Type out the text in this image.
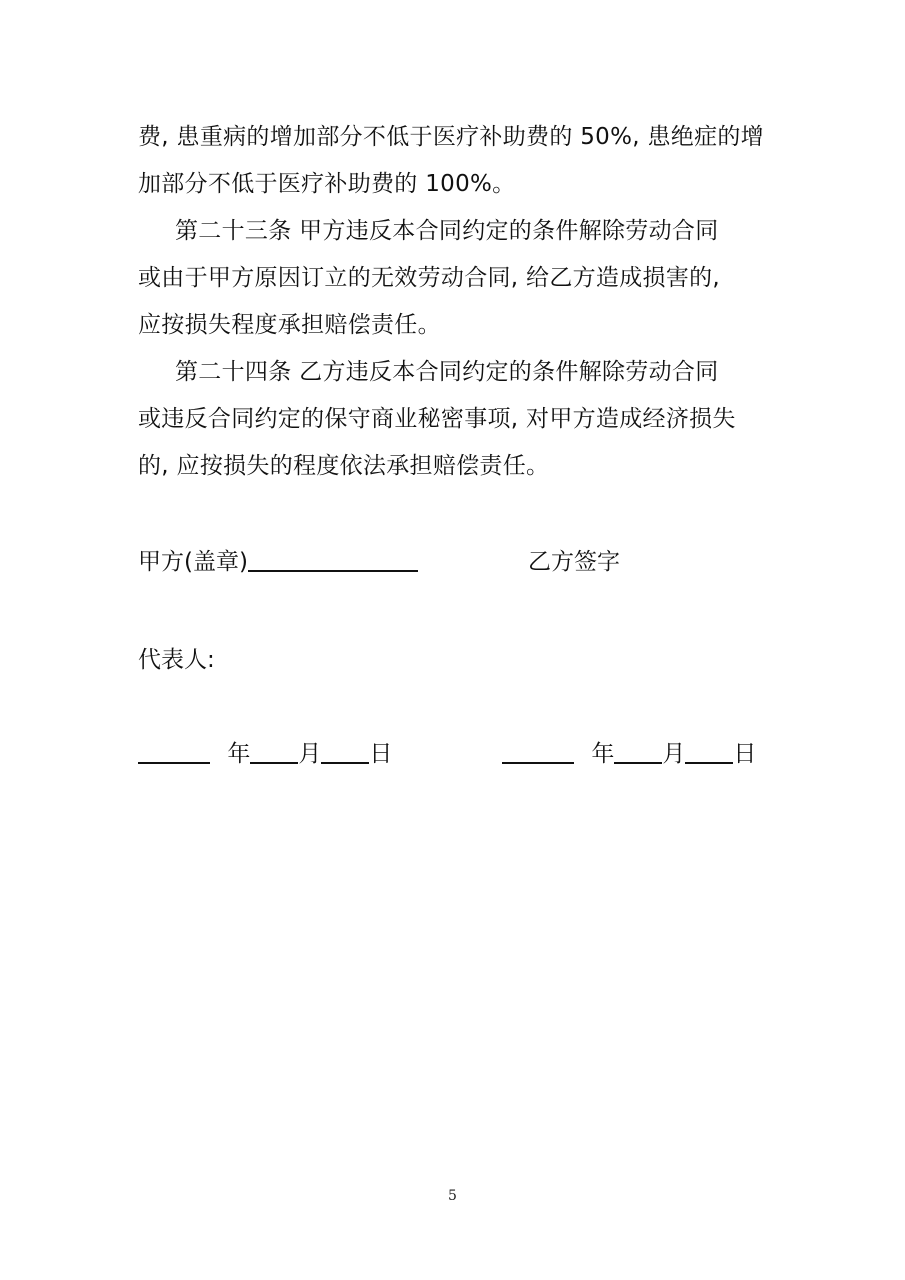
费, 患重病的增加部分不低于医疗补助费的 50%, 患绝症的增
加部分不低于医疗补助费的 100%。
第二十三条 甲方违反本合同约定的条件解除劳动合同
或由于甲方原因订立的无效劳动合同, 给乙方造成损害的,
应按损失程度承担赔偿责任。
第二十四条 乙方违反本合同约定的条件解除劳动合同
或违反合同约定的保守商业秘密事项, 对甲方造成经济损失
的, 应按损失的程度依法承担赔偿责任。
甲方(盖章)	乙方签字
代表人:
年 月 日	年 月 日
5
